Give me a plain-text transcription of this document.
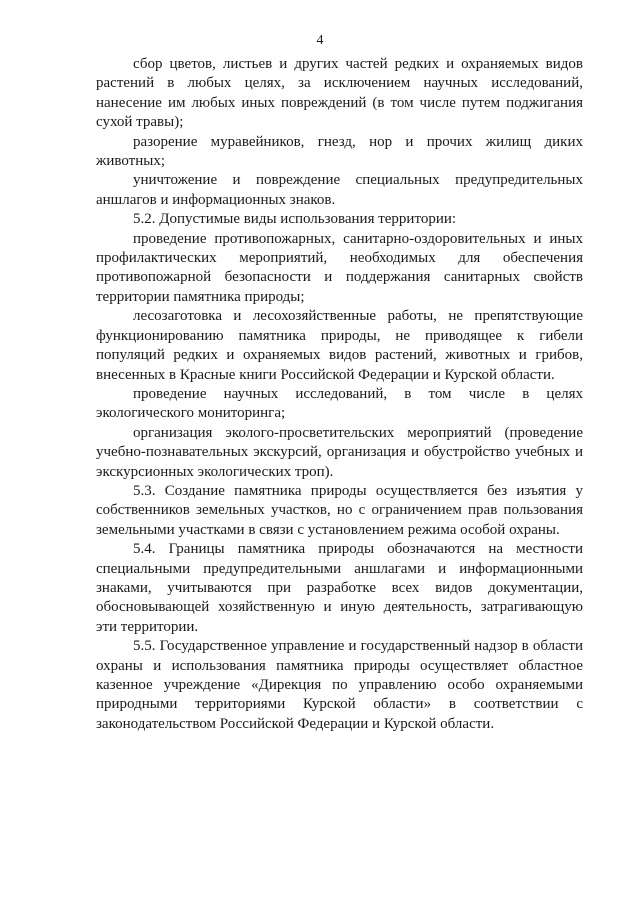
4

сбор цветов, листьев и других частей редких и охраняемых видов растений в любых целях, за исключением научных исследований, нанесение им любых иных повреждений (в том числе путем поджигания сухой травы);

разорение муравейников, гнезд, нор и прочих жилищ диких животных;

уничтожение и повреждение специальных предупредительных аншлагов и информационных знаков.

5.2. Допустимые виды использования территории:

проведение противопожарных, санитарно-оздоровительных и иных профилактических мероприятий, необходимых для обеспечения противопожарной безопасности и поддержания санитарных свойств территории памятника природы;

лесозаготовка и лесохозяйственные работы, не препятствующие функционированию памятника природы, не приводящее к гибели популяций редких и охраняемых видов растений, животных и грибов, внесенных в Красные книги Российской Федерации и Курской области.

проведение научных исследований, в том числе в целях экологического мониторинга;

организация эколого-просветительских мероприятий (проведение учебно-познавательных экскурсий, организация и обустройство учебных и экскурсионных экологических троп).

5.3. Создание памятника природы осуществляется без изъятия у собственников земельных участков, но с ограничением прав пользования земельными участками в связи с установлением режима особой охраны.

5.4. Границы памятника природы обозначаются на местности специальными предупредительными аншлагами и информационными знаками, учитываются при разработке всех видов документации, обосновывающей хозяйственную и иную деятельность, затрагивающую эти территории.

5.5. Государственное управление и государственный надзор в области охраны и использования памятника природы осуществляет областное казенное учреждение «Дирекция по управлению особо охраняемыми природными территориями Курской области» в соответствии с законодательством Российской Федерации и Курской области.
